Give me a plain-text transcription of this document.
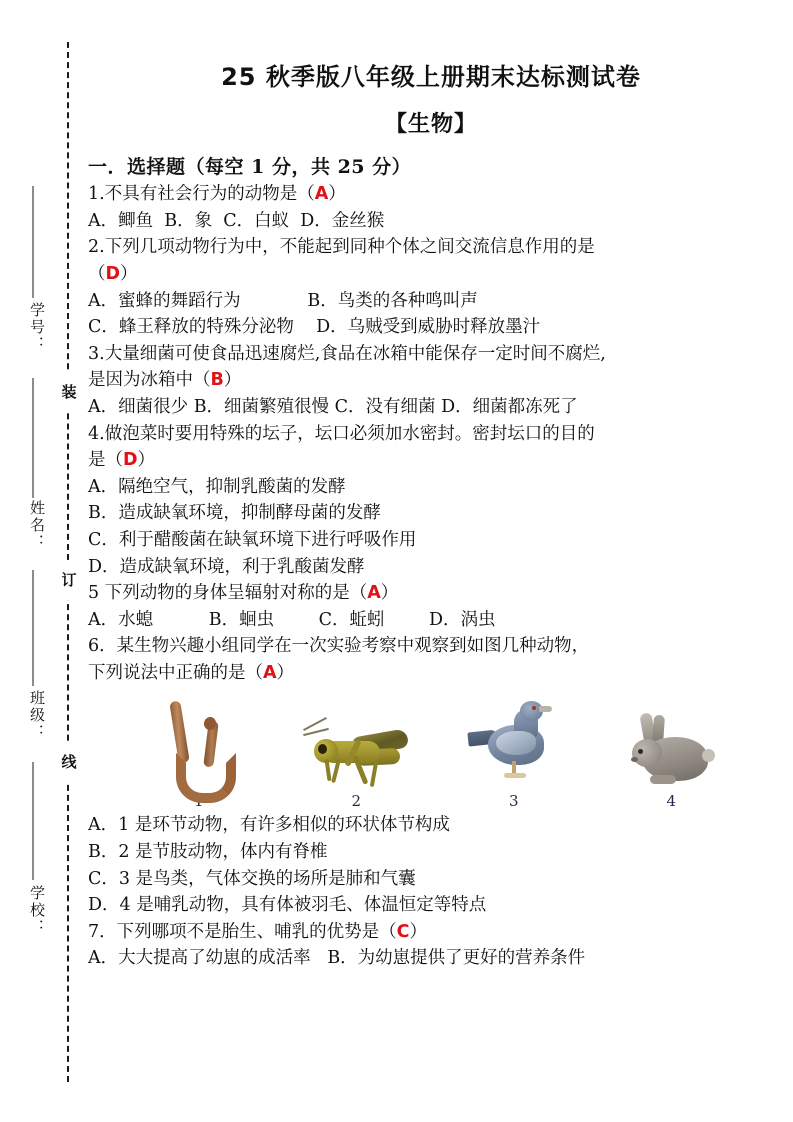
装
订
线
学号：
姓名：
班级：
学校：
25 秋季版八年级上册期末达标测试卷
【生物】
一．选择题（每空 1 分，共 25 分）
1.不具有社会行为的动物是（A）
A．鲫鱼  B．象  C．白蚁  D．金丝猴
2.下列几项动物行为中，不能起到同种个体之间交流信息作用的是
（D）
A．蜜蜂的舞蹈行为            B．鸟类的各种鸣叫声
C．蜂王释放的特殊分泌物    D．乌贼受到威胁时释放墨汁
3.大量细菌可使食品迅速腐烂,食品在冰箱中能保存一定时间不腐烂,
是因为冰箱中（B）
A．细菌很少 B．细菌繁殖很慢 C．没有细菌 D．细菌都冻死了
4.做泡菜时要用特殊的坛子，坛口必须加水密封。密封坛口的目的
是（D）
A．隔绝空气，抑制乳酸菌的发酵
B．造成缺氧环境，抑制酵母菌的发酵
C．利于醋酸菌在缺氧环境下进行呼吸作用
D．造成缺氧环境，利于乳酸菌发酵
5 下列动物的身体呈辐射对称的是（A）
A．水螅          B．蛔虫        C．蚯蚓        D．涡虫
6．某生物兴趣小组同学在一次实验考察中观察到如图几种动物，
下列说法中正确的是（A）
1	2	3	4
A．1 是环节动物，有许多相似的环状体节构成
B．2 是节肢动物，体内有脊椎
C．3 是鸟类，气体交换的场所是肺和气囊
D．4 是哺乳动物，具有体被羽毛、体温恒定等特点
7．下列哪项不是胎生、哺乳的优势是（C）
A．大大提高了幼崽的成活率   B．为幼崽提供了更好的营养条件
